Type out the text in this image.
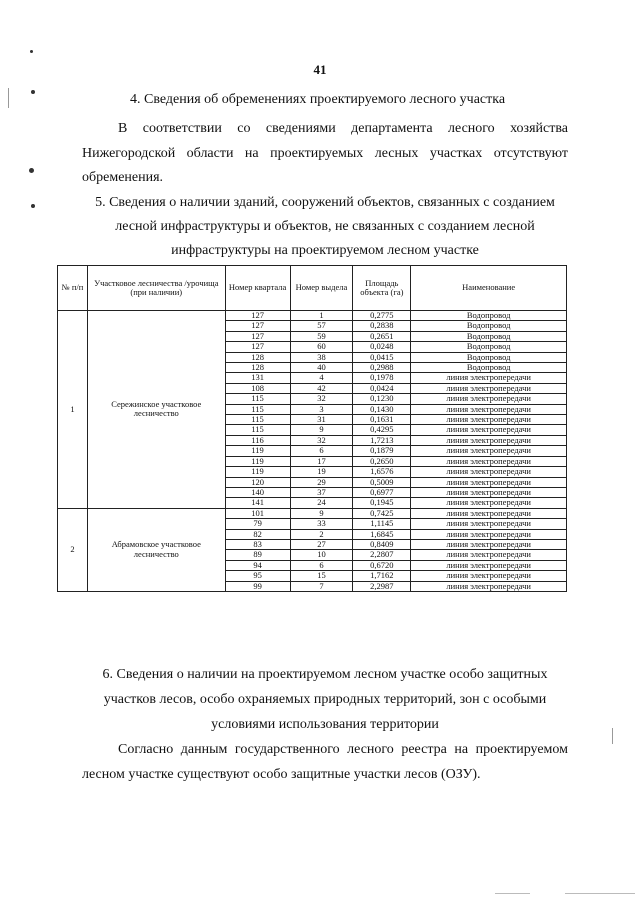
41
4. Сведения об обременениях проектируемого лесного участка

В соответствии со сведениями департамента лесного хозяйства Нижегородской области на проектируемых лесных участках отсутствуют обременения.

5. Сведения о наличии зданий, сооружений объектов, связанных с созданием лесной инфраструктуры и объектов, не связанных с созданием лесной инфраструктуры на проектируемом лесном участке

№ п/п	Участковое лесничества /урочища (при наличии)	Номер квартала	Номер выдела	Площадь объекта (га)	Наименование
1	Сережинское участковое лесничество	127	1	0,2775	Водопровод
		127	57	0,2838	Водопровод
		127	59	0,2651	Водопровод
		127	60	0,0248	Водопровод
		128	38	0,0415	Водопровод
		128	40	0,2988	Водопровод
		131	4	0,1978	линия электропередачи
		108	42	0,0424	линия электропередачи
		115	32	0,1230	линия электропередачи
		115	3	0,1430	линия электропередачи
		115	31	0,1631	линия электропередачи
		115	9	0,4295	линия электропередачи
		116	32	1,7213	линия электропередачи
		119	6	0,1879	линия электропередачи
		119	17	0,2650	линия электропередачи
		119	19	1,6576	линия электропередачи
		120	29	0,5009	линия электропередачи
		140	37	0,6977	линия электропередачи
		141	24	0,1945	линия электропередачи
2	Абрамовское участковое лесничество	101	9	0,7425	линия электропередачи
		79	33	1,1145	линия электропередачи
		82	2	1,6845	линия электропередачи
		83	27	0,8409	линия электропередачи
		89	10	2,2807	линия электропередачи
		94	6	0,6720	линия электропередачи
		95	15	1,7162	линия электропередачи
		99	7	2,2987	линия электропередачи

6. Сведения о наличии на проектируемом лесном участке особо защитных участков лесов, особо охраняемых природных территорий, зон с особыми условиями использования территории

Согласно данным государственного лесного реестра на проектируемом лесном участке существуют особо защитные участки лесов (ОЗУ).
